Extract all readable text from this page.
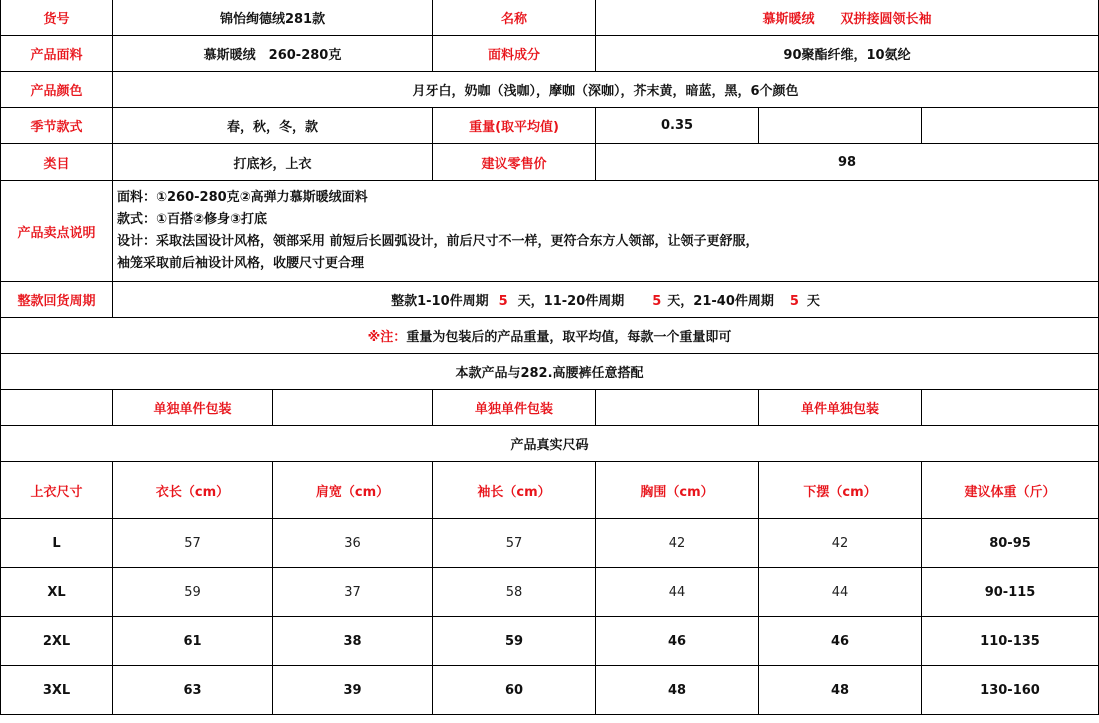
货号	锦怡绚德绒281款		名称	慕斯暖绒　　双拼接圆领长袖		
产品面料	慕斯暖绒　260-280克		面料成分	90聚酯纤维，10氨纶		
产品颜色	月牙白，奶咖（浅咖），摩咖（深咖），芥末黄，暗蓝，黑，6个颜色					
季节款式	春，秋，冬，款		重量(取平均值)	0.35		
类目	打底衫，上衣		建议零售价	98		
产品卖点说明	面料：①260-280克②高弹力慕斯暖绒面料
款式：①百搭②修身③打底
设计：采取法国设计风格，领部采用 前短后长圆弧设计，前后尺寸不一样，更符合东方人领部，让领子更舒服，
袖笼采取前后袖设计风格，收腰尺寸更合理					

整款回货周期	整款1-10件周期 5 天，11-20件周期 5 天，21-40件周期 5 天					
※注：重量为包装后的产品重量，取平均值，每款一个重量即可						
本款产品与282.高腰裤任意搭配						
	单独单件包装		单独单件包装		单件单独包装	
产品真实尺码						
上衣尺寸	衣长（cm）	肩宽（cm）	袖长（cm）	胸围（cm）	下摆（cm）	建议体重（斤）
L	57	36	57	42	42	80-95
XL	59	37	58	44	44	90-115
2XL	61	38	59	46	46	110-135
3XL	63	39	60	48	48	130-160
